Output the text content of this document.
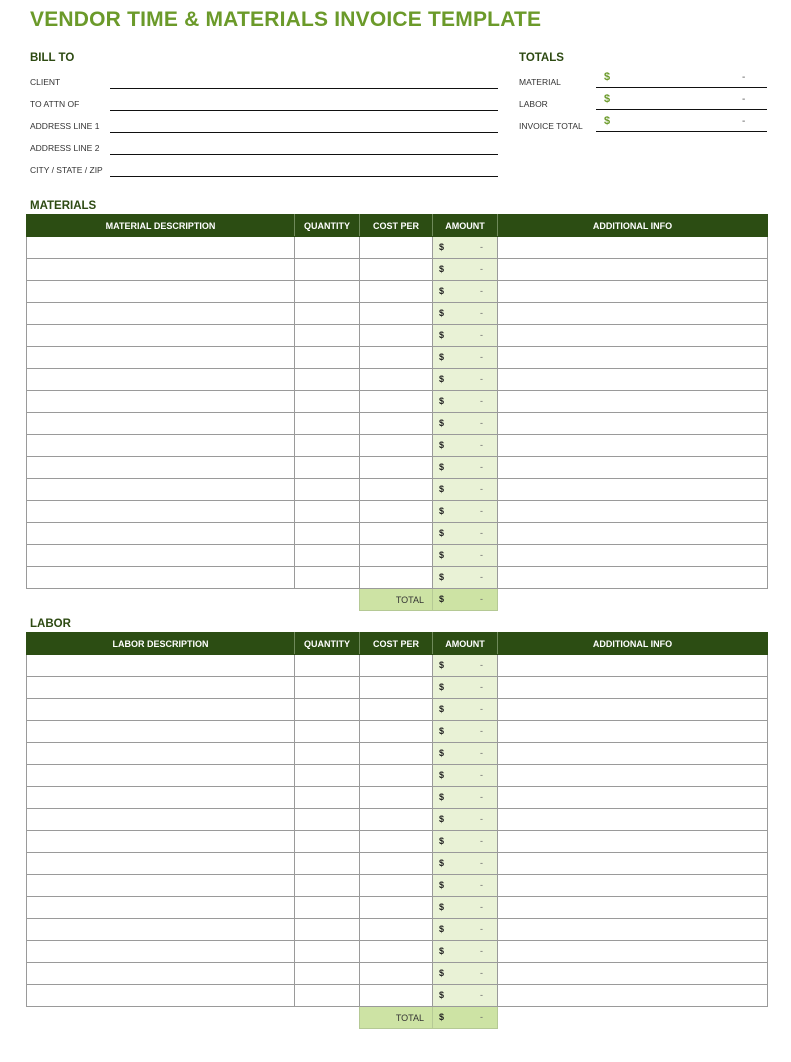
VENDOR TIME & MATERIALS INVOICE TEMPLATE
BILL TO
CLIENT
TO ATTN OF
ADDRESS LINE 1
ADDRESS LINE 2
CITY / STATE / ZIP
TOTALS
MATERIAL	$	-
LABOR	$	-
INVOICE TOTAL $	-
MATERIALS
MATERIAL DESCRIPTION	QUANTITY	COST PER	AMOUNT	ADDITIONAL INFO

			$ -	

			$ -	

			$ -	

			$ -	

			$ -	

			$ -	

			$ -	

			$ -	

			$ -	

			$ -	

			$ -	

			$ -	

			$ -	

			$ -	

			$ -	

			$ -	

		TOTAL	$ -	

LABOR
LABOR DESCRIPTION	QUANTITY	COST PER	AMOUNT	ADDITIONAL INFO

			$ -	

			$ -	

			$ -	

			$ -	

			$ -	

			$ -	

			$ -	

			$ -	

			$ -	

			$ -	

			$ -	

			$ -	

			$ -	

			$ -	

			$ -	

			$ -	

		TOTAL	$ -	
